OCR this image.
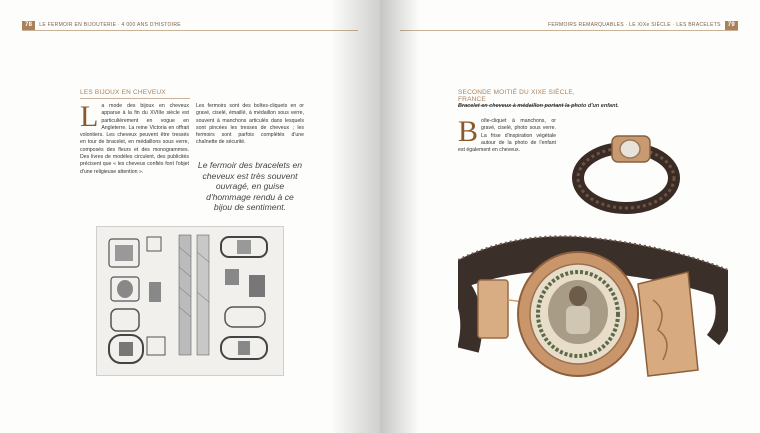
78 LE FERMOIR EN BIJOUTERIE · 4 000 ANS D'HISTOIRE
LES BIJOUX EN CHEVEUX
La mode des bijoux en cheveux apparue à la fin du XVIIIe siècle est particulièrement en vogue en Angleterre. La reine Victoria en offrait volontiers. Les cheveux peuvent être tressés en tour de bracelet, en médaillons sous verre, composés des fleurs et des monogrammes. Des livres de modèles circulent, des publicités précisent que « les cheveux confiés font l'objet d'une religieuse attention ».
Les fermoirs sont des boîtes-cliquets en or gravé, ciselé, émaillé, à médaillon sous verre, souvent à manchons articulés dans lesquels sont pincées les tresses de cheveux ; les fermoirs sont parfois complétés d'une chaînette de sécurité.
Le fermoir des bracelets en cheveux est très souvent ouvragé, en guise d'hommage rendu à ce bijou de sentiment.
FERMOIRS REMARQUABLES · LE XIXe SIÈCLE · LES BRACELETS 79
SECONDE MOITIÉ DU XIXE SIÈCLE, FRANCE
Bracelet en cheveux à médaillon portant la photo d'un enfant.
Boîte-cliquet à manchons, or gravé, ciselé, photo sous verre. La frise d'inspiration végétale autour de la photo de l'enfant est également en cheveux.
